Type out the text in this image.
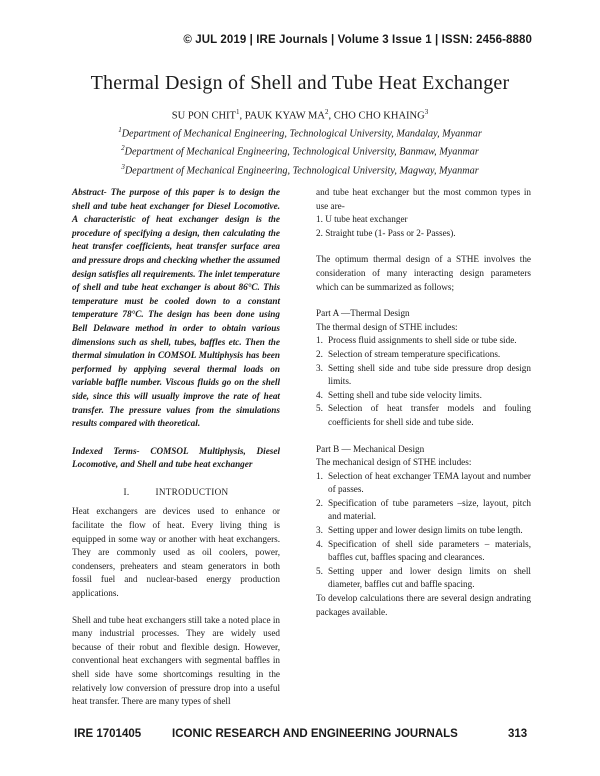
© JUL 2019 | IRE Journals | Volume 3 Issue 1 | ISSN: 2456-8880
Thermal Design of Shell and Tube Heat Exchanger
SU PON CHIT$^1$, PAUK KYAW $MA^2$, CHO CHO KHAING$^3$
$^1$Department of Mechanical Engineering, Technological University, Mandalay, Myanmar
$^2$Department of Mechanical Engineering, Technological University, Banmaw, Myanmar
$^3$Department of Mechanical Engineering, Technological University, Magway, Myanmar

Abstract- The purpose of this paper is to design the shell and tube heat exchanger for Diesel Locomotive. A characteristic of heat exchanger design is the procedure of specifying a design, then calculating the heat transfer coefficients, heat transfer surface area and pressure drops and checking whether the assumed design satisfies all requirements. The inlet temperature of shell and tube heat exchanger is about 86°C. This temperature must be cooled down to a constant temperature 78°C. The design has been done using Bell Delaware method in order to obtain various dimensions such as shell, tubes, baffles etc. Then the thermal simulation in COMSOL Multiphysis has been performed by applying several thermal loads on variable baffle number. Viscous fluids go on the shell side, since this will usually improve the rate of heat transfer. The pressure values from the simulations results compared with theoretical.

Indexed Terms- COMSOL Multiphysis, Diesel Locomotive, and Shell and tube heat exchanger

I.	INTRODUCTION

Heat exchangers are devices used to enhance or facilitate the flow of heat. Every living thing is equipped in some way or another with heat exchangers. They are commonly used as oil coolers, power, condensers, preheaters and steam generators in both fossil fuel and nuclear-based energy production applications.

Shell and tube heat exchangers still take a noted place in many industrial processes. They are widely used because of their robut and flexible design. However, conventional heat exchangers with segmental baffles in shell side have some shortcomings resulting in the relatively low conversion of pressure drop into a useful heat transfer. There are many types of shell

and tube heat exchanger but the most common types in use are-

1. U tube heat exchanger
2. Straight tube (1- Pass or 2- Passes).

The optimum thermal design of a STHE involves the consideration of many interacting design parameters which can be summarized as follows;

Part A —Thermal Design

The thermal design of STHE includes:

1. Process fluid assignments to shell side or tube side.
2. Selection of stream temperature specifications.
3. Setting shell side and tube side pressure drop design limits.
4. Setting shell and tube side velocity limits.
5. Selection of heat transfer models and fouling coefficients for shell side and tube side.

Part B — Mechanical Design

The mechanical design of STHE includes:

1. Selection of heat exchanger TEMA layout and number of passes.
2. Specification of tube parameters –size, layout, pitch and material.
3. Setting upper and lower design limits on tube length.
4. Specification of shell side parameters – materials, baffles cut, baffles spacing and clearances.
5. Setting upper and lower design limits on shell diameter, baffles cut and baffle spacing.

To develop calculations there are several design andrating packages available.

IRE 1701405	ICONIC RESEARCH AND ENGINEERING JOURNALS	313
